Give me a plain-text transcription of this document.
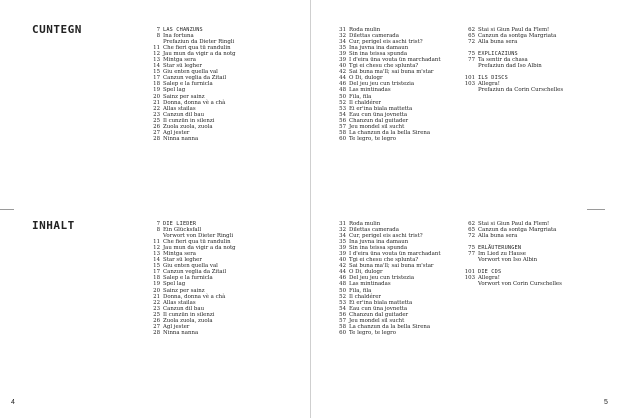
CUNTEGN	7 LAS CHANZUNS
8 Ina fortuna
Prefaziun da Dieter Ringli
11 Che fieri qua tü randulin
12 Jau mun da vigir a da notg
13 Mintga sera
14 Star sü legher
15 Giu enten quella val
17 Canzun veglia da Zitail
18 Salep e la furnicla
19 Spel lag
20 Sainz per sainz
21 Donna, donna vè a chà
22 Allas stailas
23 Canzun dil bau
25 Il cunzün in silenzi
26 Zuola zuola, zuola
27 Agl jester
28 Ninna nanna
INHALT	7 DIE LIEDER
8 Ein Glücksfall
Vorwort von Dieter Ringli
11 Che fieri qua tü randulin
12 Jau mun da vigir a da notg
13 Mintga sera
14 Star sü legher
15 Giu enten quella val
17 Canzun veglia da Zitail
18 Salep e la furnicla
19 Spel lag
20 Sainz per sainz
21 Donna, donna vè a chà
22 Allas stailas
23 Canzun dil bau
25 Il cunzün in silenzi
26 Zuola zuola, zuola
27 Agl jester
28 Ninna nanna
4
31 Roda mulin
32 Dilettas camerada
34 Cur, perigel eis aschi trist?
35 Ina juvna ina damaun
39 Sin ina teissa spunda
39 I d'eira üna vouta ün marchadant
40 Tgi ei chesu che splunta?
42 Sai buna ma'll; sai buna m'star
44 O Di, dulogr
46 Del jeu jeu cun tristezia
48 Las mintinadas
50 Fila, fila
52 Il chaldérer
53 Ei er'ina biala mattetta
54 Eau cun üna jovnetta
56 Chanzun dal guitader
57 Jeu mondel sil sucht
58 La chanzun da la bella Sirena
60 Te legro, te legro
62 Stai si Giun Paul da Flem!
65 Canzun da sontga Margriata
72 Alla buna sera
75 EXPLICAZIUNS
77 Ta sentir da chasa
Prefaziun dad Iso Albin
101 ILS DISCS
103 Allegra!
Prefaziun da Corin Curschelles
31 Roda mulin
32 Dilettas camerada
34 Cur, perigel eis aschi trist?
35 Ina juvna ina damaun
39 Sin ina teissa spunda
39 I d'eira üna vouta ün marchadant
40 Tgi ei chesu che splunta?
42 Sai buna ma'll; sai buna m'star
44 O Di, dulogr
46 Del jeu jeu cun tristezia
48 Las mintinadas
50 Fila, fila
52 Il chaldérer
53 Ei er'ina biala mattetta
54 Eau cun üna jovnetta
56 Chanzun dal guitader
57 Jeu mondel sil sucht
58 La chanzun da la bella Sirena
60 Te legro, te legro
62 Stai si Giun Paul da Flem!
65 Canzun da sontga Margriata
72 Alla buna sera
75 ERLÄUTERUNGEN
77 Im Lied zu Hause
Vorwort von Iso Albin
101 DIE CDS
103 Allegra!
Vorwort von Corin Curschelles
5
